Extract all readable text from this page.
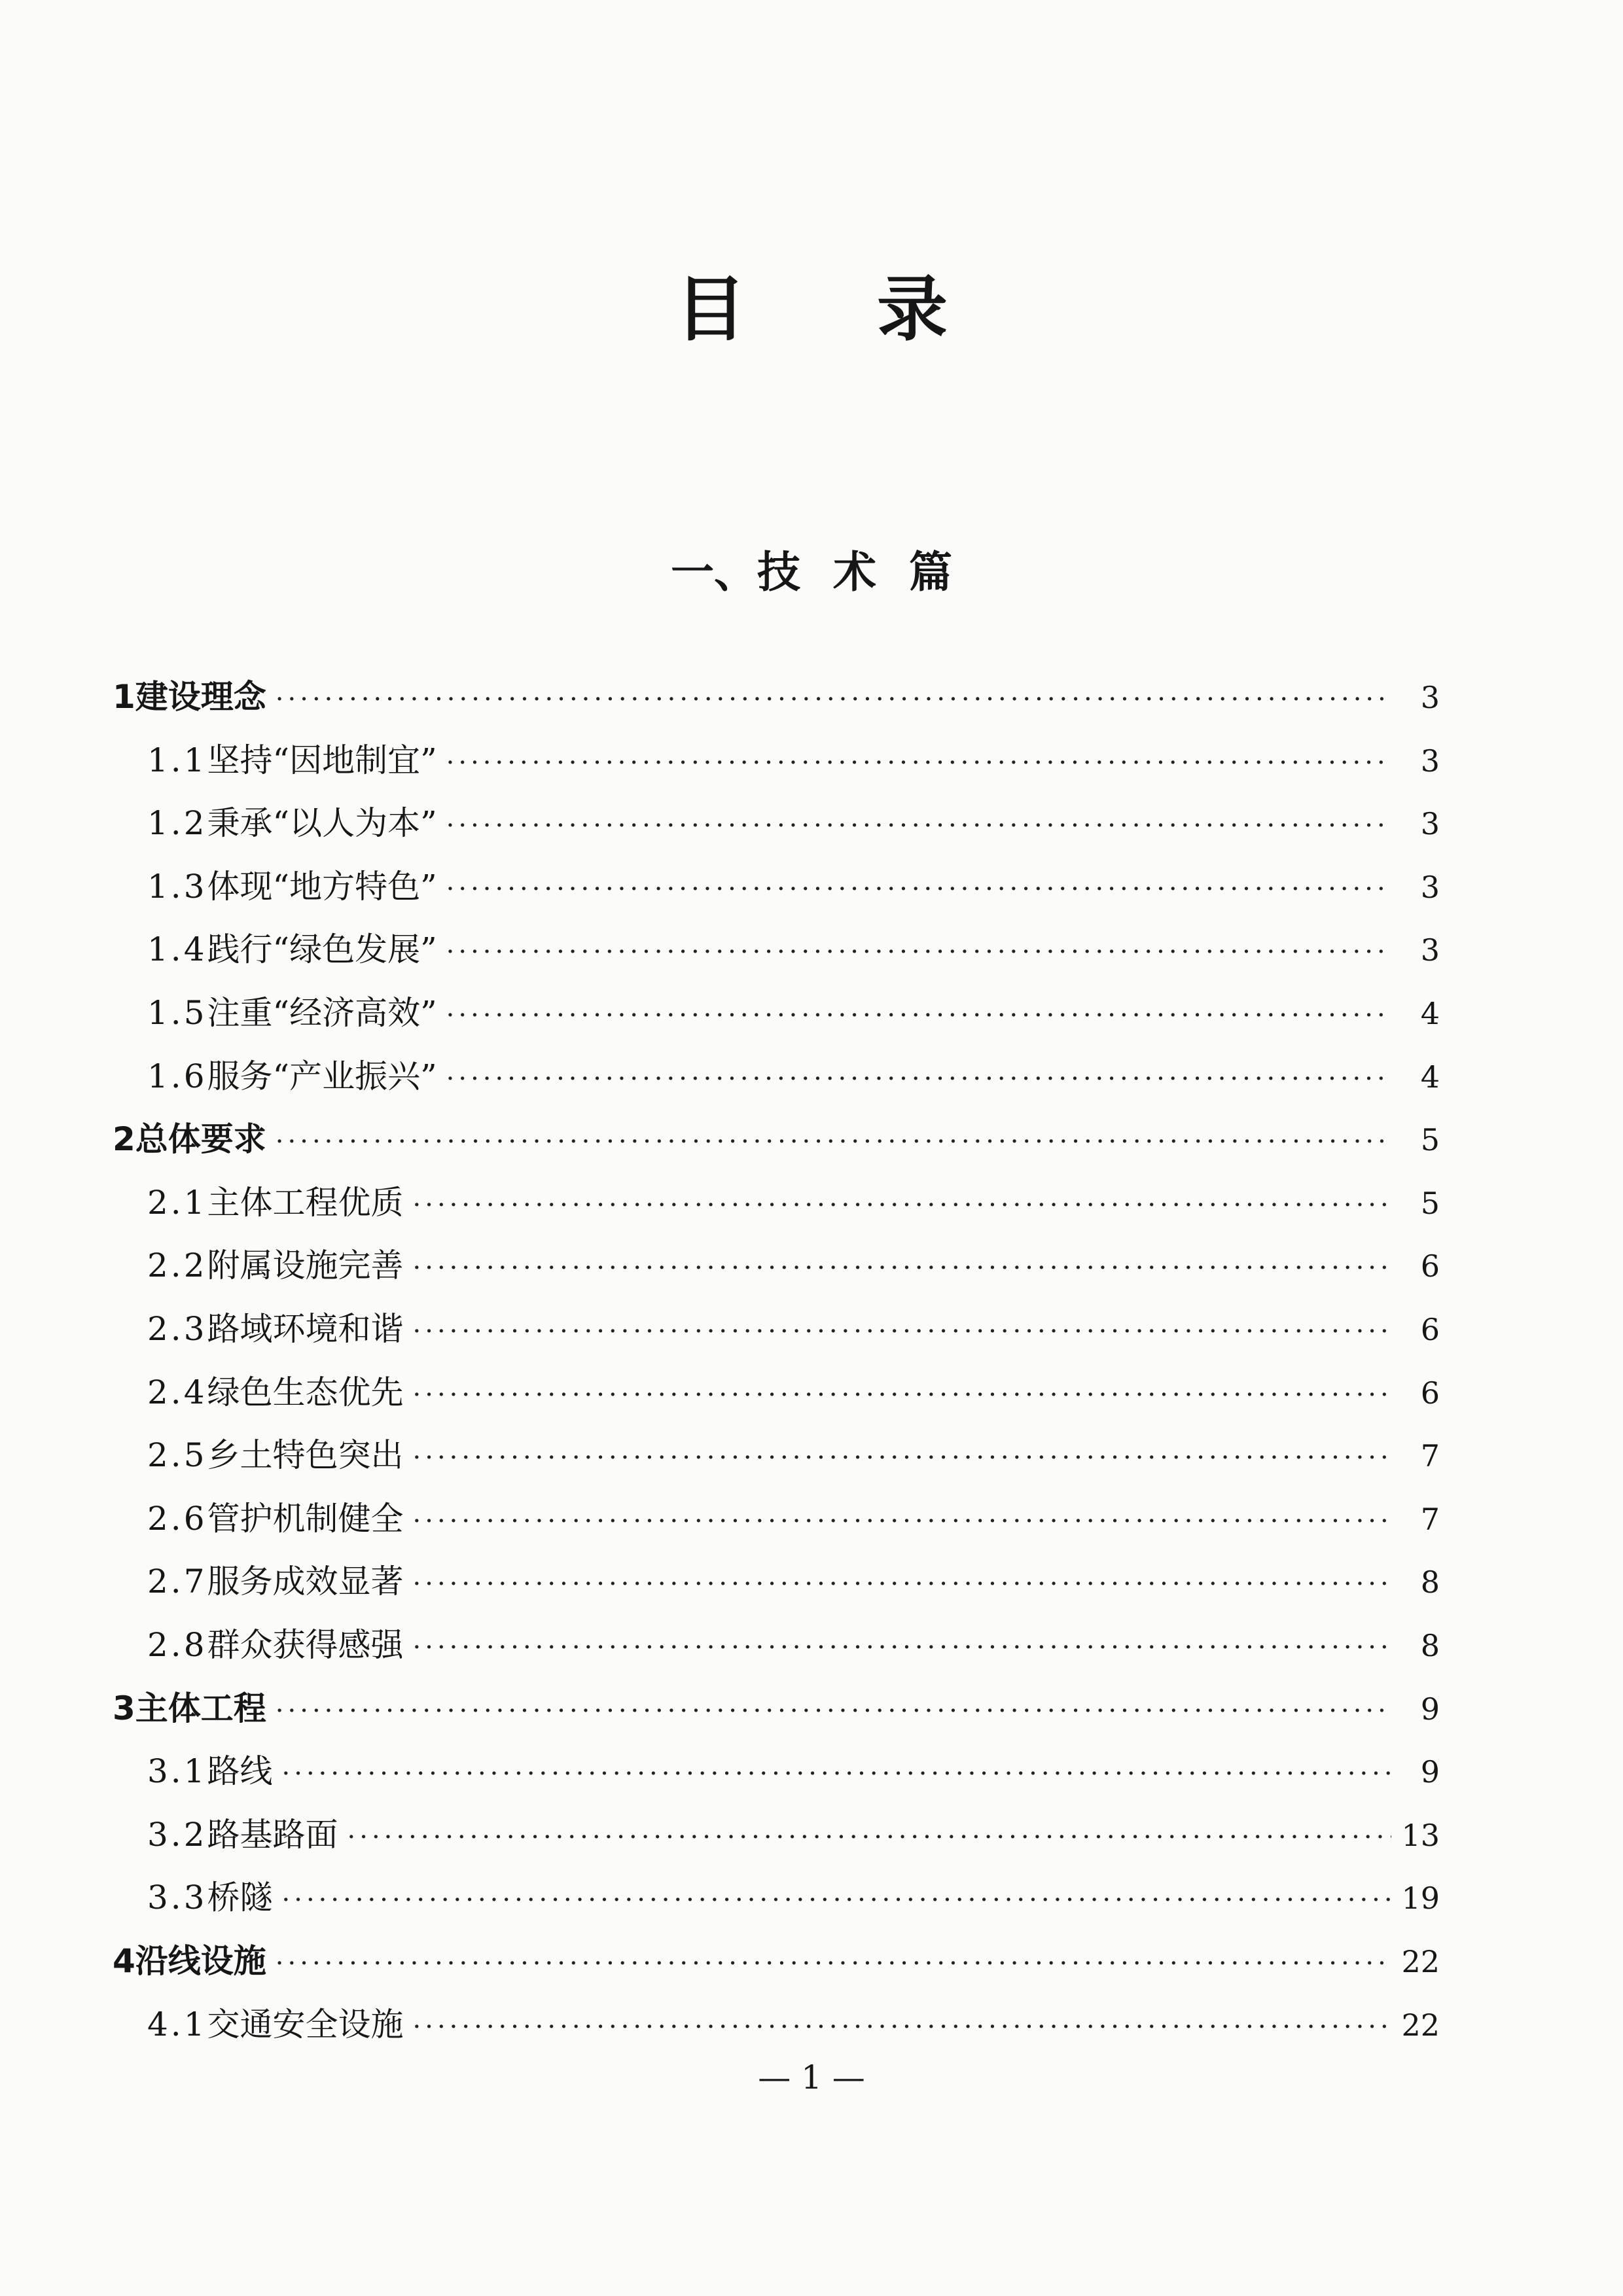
目录
一、技 术 篇
1 建设理念 ·····	3
1.1 坚持“因地制宜” ·····	3
1.2 秉承“以人为本” ·····	3
1.3 体现“地方特色” ·····	3
1.4 践行“绿色发展” ·····	3
1.5 注重“经济高效” ·····	4
1.6 服务“产业振兴” ·····	4
2 总体要求 ·····	5
2.1 主体工程优质 ·····	5
2.2 附属设施完善 ·····	6
2.3 路域环境和谐 ·····	6
2.4 绿色生态优先 ·····	6
2.5 乡土特色突出 ·····	7
2.6 管护机制健全 ·····	7
2.7 服务成效显著 ·····	8
2.8 群众获得感强 ·····	8
3 主体工程 ·····	9
3.1 路线 ·····	9
3.2 路基路面 ·····	13
3.3 桥隧 ·····	19
4 沿线设施 ·····	22
4.1 交通安全设施 ·····	22
— 1 —
